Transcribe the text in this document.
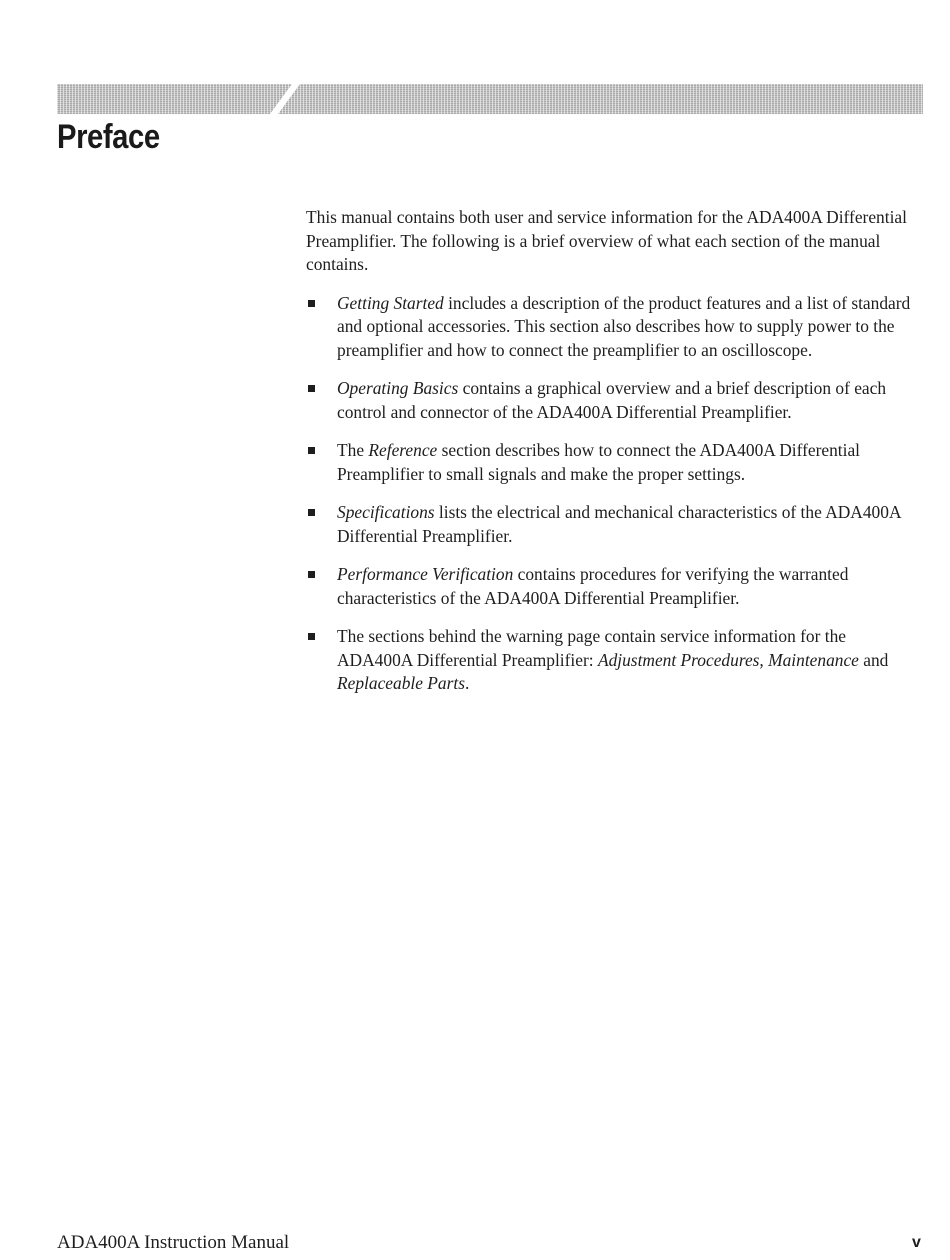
Preface

This manual contains both user and service information for the ADA400A Differential Preamplifier. The following is a brief overview of what each section of the manual contains.

Getting Started includes a description of the product features and a list of standard and optional accessories. This section also describes how to supply power to the preamplifier and how to connect the preamplifier to an oscilloscope.
Operating Basics contains a graphical overview and a brief description of each control and connector of the ADA400A Differential Preamplifier.
The Reference section describes how to connect the ADA400A Differential Preamplifier to small signals and make the proper settings.
Specifications lists the electrical and mechanical characteristics of the ADA400A Differential Preamplifier.
Performance Verification contains procedures for verifying the warranted characteristics of the ADA400A Differential Preamplifier.
The sections behind the warning page contain service information for the ADA400A Differential Preamplifier: Adjustment Procedures, Maintenance and Replaceable Parts.
ADA400A Instruction Manual	v
